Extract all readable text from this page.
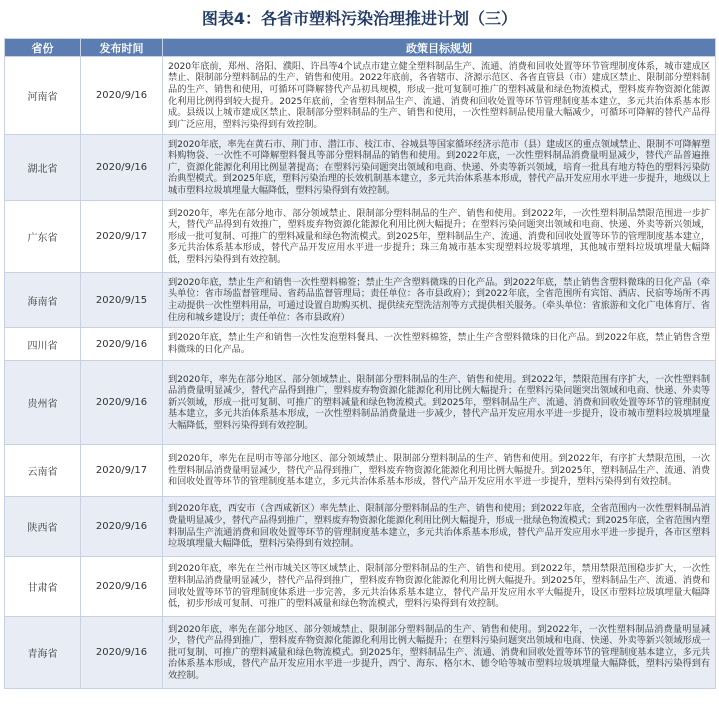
图表4：各省市塑料污染治理推进计划（三）
省份	发布时间	政策目标规划
河南省	2020/9/16	2020年底前，郑州、洛阳、濮阳、许昌等4个试点市建立健全塑料制品生产、流通、消费和回收处置等环节管理制度体系，城市建成区禁止、限制部分塑料制品的生产、销售和使用。2022年底前，各省辖市、济源示范区、各省直管县（市）建成区禁止、限制部分塑料制品的生产、销售和使用，可循环可降解替代产品初具规模，形成一批可复制可推广的塑料减量和绿色物流模式，塑料废弃物资源化能源化利用比例得到较大提升。2025年底前，全省塑料制品生产、流通、消费和回收处置等环节管理制度基本建立，多元共治体系基本形成。县级以上城市建成区禁止、限制部分塑料制品的生产、销售和使用，一次性塑料制品使用量大幅减少，可循环可降解的替代产品得到广泛应用，塑料污染得到有效控制。
湖北省	2020/9/16	到2020年底，率先在黄石市、荆门市、潜江市、枝江市、谷城县等国家循环经济示范市（县）建成区的重点领域禁止、限制不可降解塑料购物袋、一次性不可降解塑料餐具等部分塑料制品的销售和使用。到2022年底，一次性塑料制品消费量明显减少，替代产品普遍推广，资源化能源化利用比例显著提高；在塑料污染问题突出领域和电商、快递、外卖等新兴领域，培育一批具有地方特色的塑料污染防治典型模式。到2025年底，塑料污染治理的长效机制基本建立，多元共治体系基本形成，替代产品开发应用水平进一步提升，地级以上城市塑料垃圾填埋量大幅降低，塑料污染得到有效控制。
广东省	2020/9/17	到2020年，率先在部分地市、部分领域禁止、限制部分塑料制品的生产、销售和使用。到2022年，一次性塑料制品禁限范围进一步扩大，替代产品得到有效推广，塑料废弃物资源化能源化利用比例大幅提升；在塑料污染问题突出领域和电商、快递、外卖等新兴领域，形成一批可复制、可推广的塑料减量和绿色物流模式。到2025年，塑料制品生产、流通、消费和回收处置等环节的管理制度基本建立，多元共治体系基本形成，替代产品开发应用水平进一步提升；珠三角城市基本实现塑料垃圾零填埋，其他城市塑料垃圾填埋量大幅降低，塑料污染得到有效控制。
海南省	2020/9/15	到2020年底，禁止生产和销售一次性塑料棉签；禁止生产含塑料微珠的日化产品。到2022年底，禁止销售含塑料微珠的日化产品（牵头单位：省市场监督管理局、省药品监督管理局；责任单位：各市县政府）；到2022年底，全省范围所有宾馆、酒店、民宿等场所不再主动提供一次性塑料用品，可通过设置自助购买机、提供续充型洗洁剂等方式提供相关服务。（牵头单位：省旅游和文化广电体育厅、省住房和城乡建设厅；责任单位：各市县政府）
四川省	2020/9/16	到2020年底，禁止生产和销售一次性发泡塑料餐具、一次性塑料棉签，禁止生产含塑料微珠的日化产品。到2022年底，禁止销售含塑料微珠的日化产品。
贵州省	2020/9/16	到2020年，率先在部分地区、部分领域禁止、限制部分塑料制品的生产、销售和使用。到2022年，禁限范围有序扩大，一次性塑料制品消费量明显减少，替代产品得到推广，塑料废弃物资源化能源化利用比例大幅提升；在塑料污染问题突出领域和电商、快递、外卖等新兴领域，形成一批可复制、可推广的塑料减量和绿色物流模式。到2025年，塑料制品生产、流通、消费和回收处置等环节的管理制度基本建立，多元共治体系基本形成，一次性塑料制品消费量进一步减少，替代产品开发应用水平进一步提升，设市城市塑料垃圾填埋量大幅降低，塑料污染得到有效控制。
云南省	2020/9/17	到2020年，率先在昆明市等部分地区、部分领域禁止、限制部分塑料制品的生产、销售和使用。到2022年，有序扩大禁限范围，一次性塑料制品消费量明显减少，替代产品得到推广，塑料废弃物资源化能源化利用比例大幅提升。到2025年，塑料制品生产、流通、消费和回收处置等环节的管理制度基本建立，多元共治体系基本形成，替代产品开发应用水平进一步提升，塑料污染得到有效控制。
陕西省	2020/9/16	到2020年底，西安市（含西咸新区）率先禁止、限制部分塑料制品的生产、销售和使用；到2022年底，全省范围内一次性塑料制品消费量明显减少，替代产品得到推广，塑料废弃物资源化能源化利用比例大幅提升，形成一批绿色物流模式；到2025年底，全省范围内塑料制品生产流通消费和回收处置等环节的管理制度基本建立，多元共治体系基本形成，替代产品开发应用水平进一步提升，各市区塑料垃圾填埋量大幅降低，塑料污染得到有效控制。
甘肃省	2020/9/16	到2020年底，率先在兰州市城关区等区域禁止、限制部分塑料制品的生产、销售和使用。到2022年，禁用禁限范围稳步扩大，一次性塑料制品消费量明显减少，替代产品得到推广，塑料废弃物资源化能源化利用比例大幅提升。到2025年，塑料制品生产、流通、消费和回收处置等环节的管理制度体系进一步完善，多元共治体系基本建立，替代产品开发应用水平大幅提升，设区市塑料垃圾填埋量大幅降低，初步形成可复制、可推广的塑料减量和绿色物流模式，塑料污染得到有效控制。
青海省	2020/9/16	到2020年底，率先在部分地区、部分领域禁止、限制部分塑料制品的生产、销售和使用。到2022年，一次性塑料制品消费量明显减少，替代产品得到推广，塑料废弃物资源化能源化利用比例大幅提升；在塑料污染问题突出领域和电商、快递、外卖等新兴领域形成一批可复制、可推广的塑料减量和绿色物流模式。到2025年，塑料制品生产、流通、消费和回收处置等环节的管理制度基本建立，多元共治体系基本形成，替代产品开发应用水平进一步提升，西宁、海东、格尔木、德令哈等城市塑料垃圾填埋量大幅降低，塑料污染得到有效控制。
